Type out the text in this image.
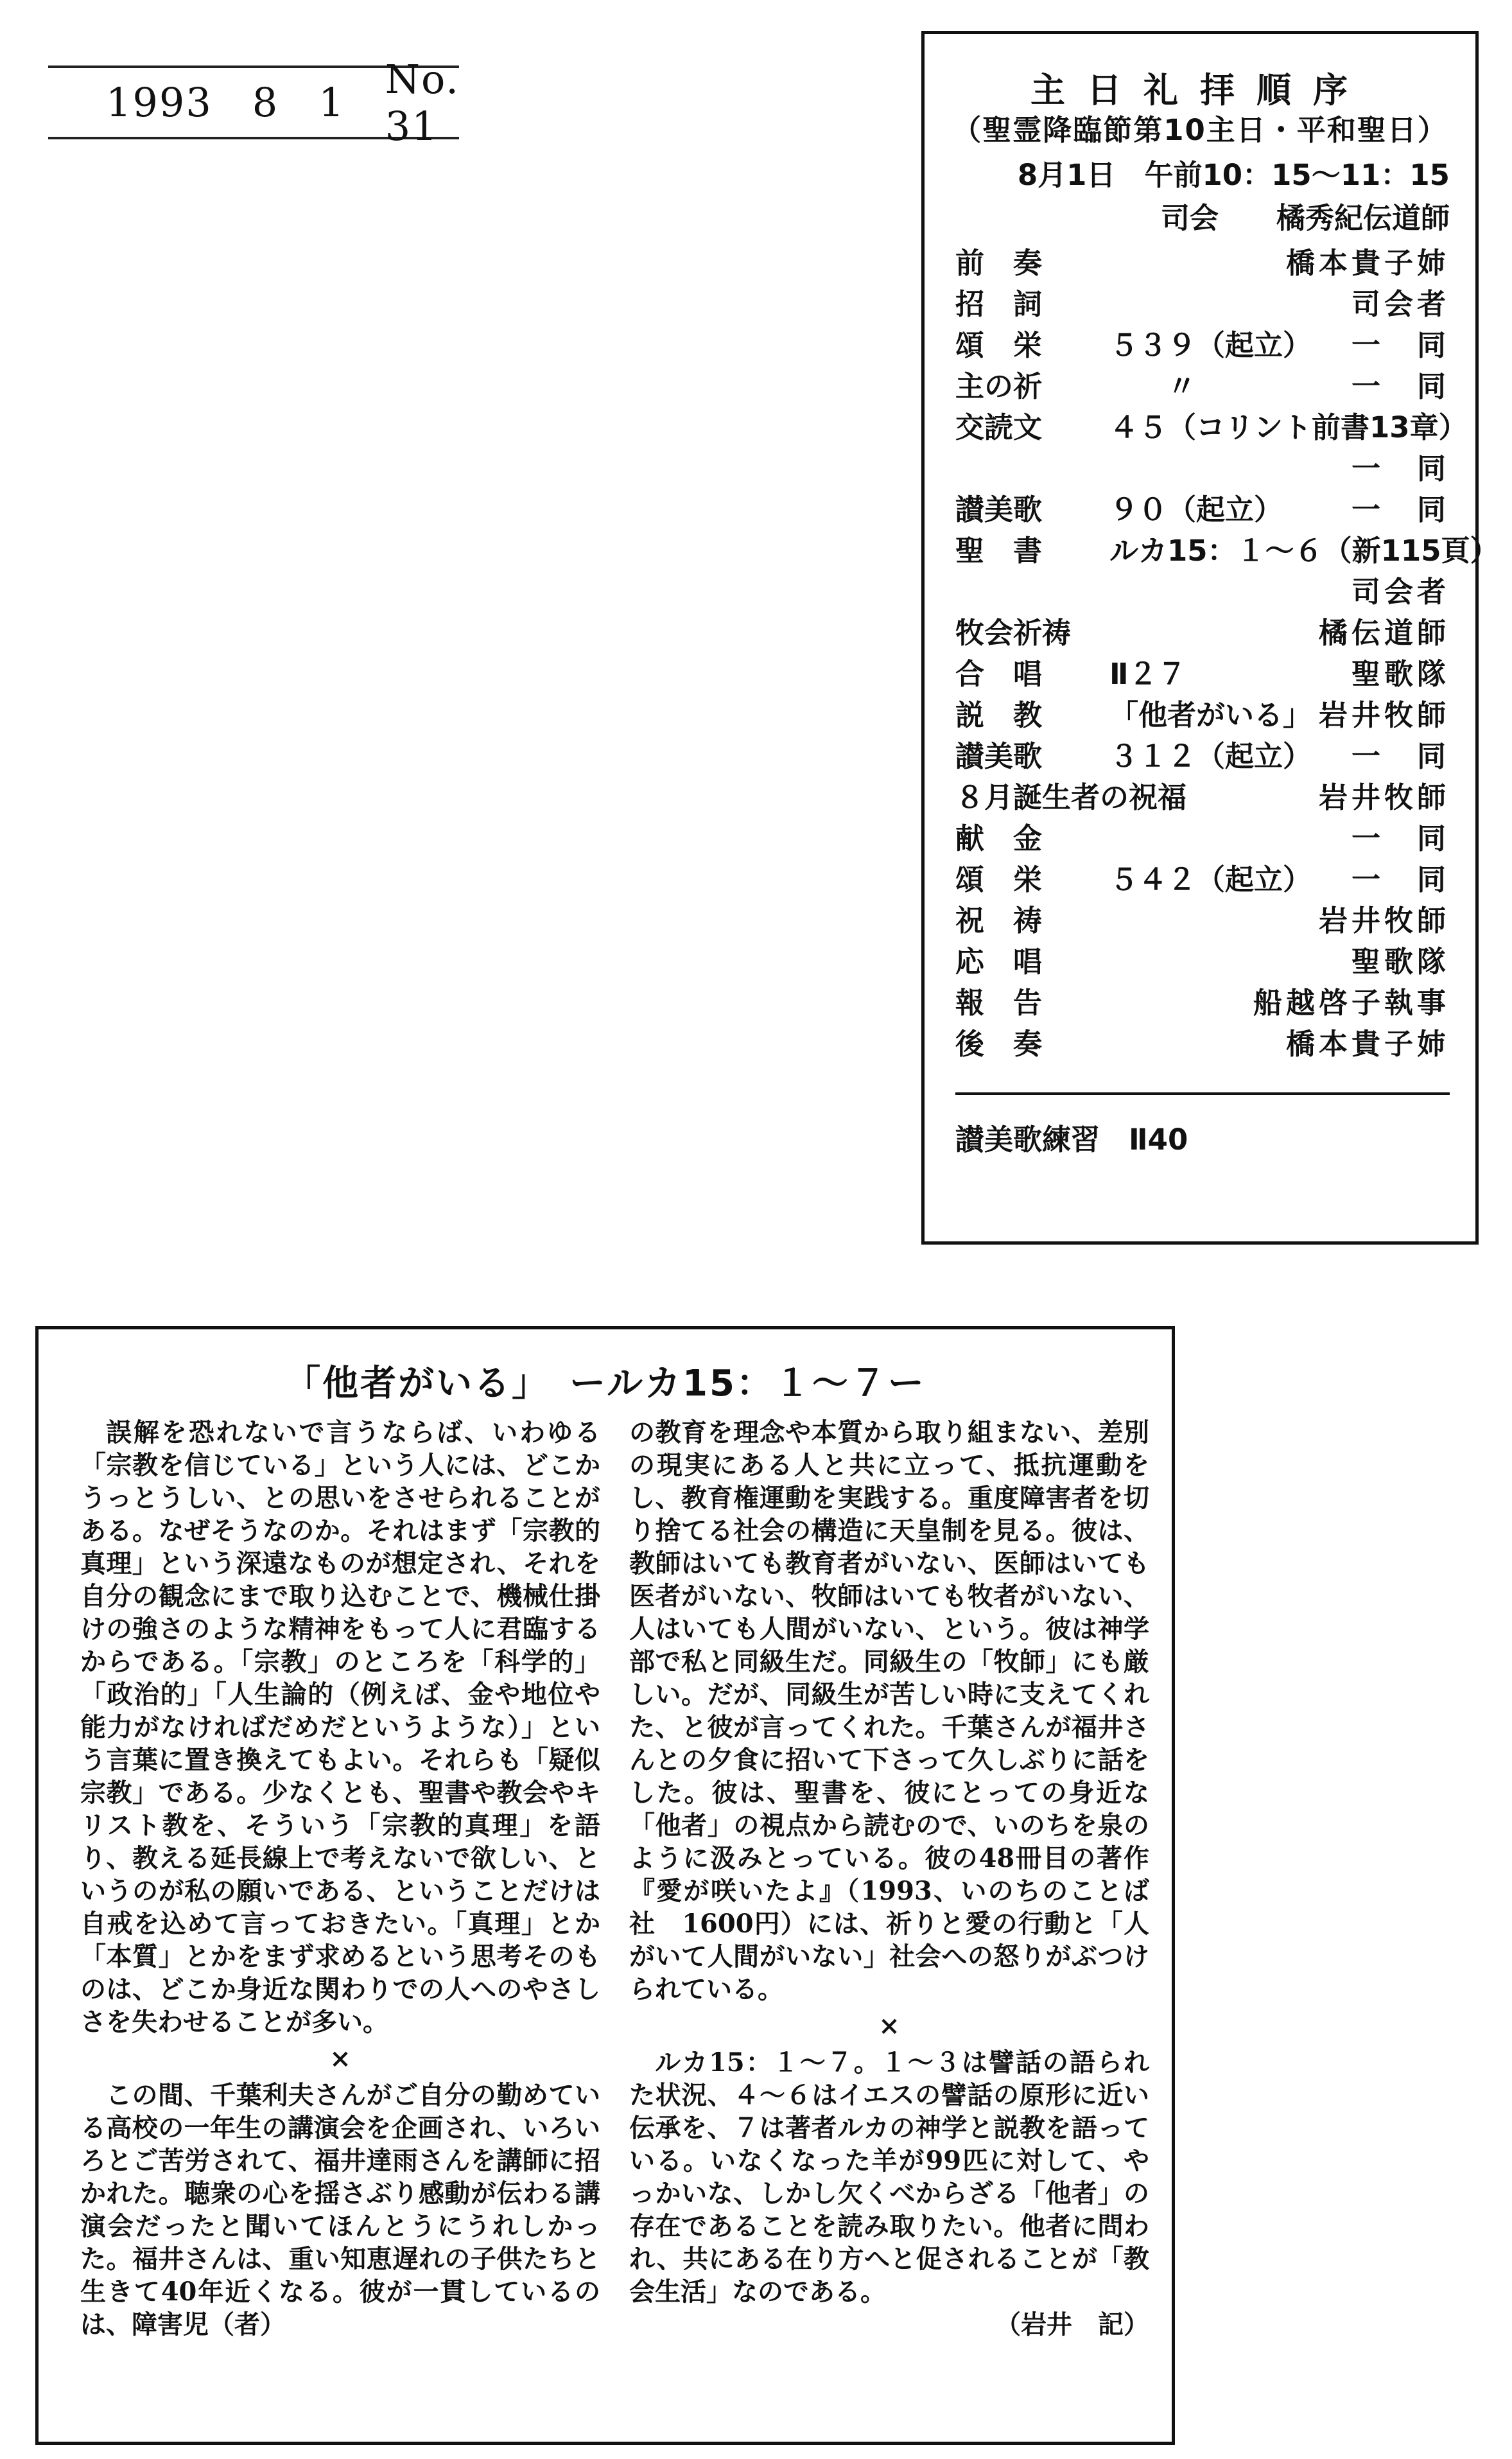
1993 8 1 No. 31
主日礼拝順序
（聖霊降臨節第10主日・平和聖日）
8月1日　午前10：15〜11：15
司会 橘秀紀伝道師
前　奏	橋本貴子姉
招　詞	司会者
頌　栄 ５３９（起立） 一　同
主の祈 　　〃	一　同
交読文 ４５（コリント前書13章）
一　同
讃美歌 ９０（起立） 一　同
聖　書 ルカ15：１〜６（新115頁）
司会者
牧会祈祷	橘伝道師
合　唱 Ⅱ２７	聖歌隊
説　教 「他者がいる」 岩井牧師
讃美歌 ３１２（起立） 一　同
８月誕生者の祝福	岩井牧師
献　金	一　同
頌　栄 ５４２（起立） 一　同
祝　祷	岩井牧師
応　唱	聖歌隊
報　告	船越啓子執事
後　奏	橋本貴子姉
讃美歌練習　Ⅱ40
「他者がいる」　ールカ15：１〜７ー

誤解を恐れないで言うならば、いわゆる「宗教を信じている」という人には、どこかうっとうしい、との思いをさせられることがある。なぜそうなのか。それはまず「宗教的真理」という深遠なものが想定され、それを自分の観念にまで取り込むことで、機械仕掛けの強さのような精神をもって人に君臨するからである。「宗教」のところを「科学的」「政治的」「人生論的（例えば、金や地位や能力がなければだめだというような）」という言葉に置き換えてもよい。それらも「疑似宗教」である。少なくとも、聖書や教会やキリスト教を、そういう「宗教的真理」を語り、教える延長線上で考えないで欲しい、というのが私の願いである、ということだけは自戒を込めて言っておきたい。「真理」とか「本質」とかをまず求めるという思考そのものは、どこか身近な関わりでの人へのやさしさを失わせることが多い。

×

この間、千葉利夫さんがご自分の勤めている高校の一年生の講演会を企画され、いろいろとご苦労されて、福井達雨さんを講師に招かれた。聴衆の心を揺さぶり感動が伝わる講演会だったと聞いてほんとうにうれしかった。福井さんは、重い知恵遅れの子供たちと生きて40年近くなる。彼が一貫しているのは、障害児（者）

の教育を理念や本質から取り組まない、差別の現実にある人と共に立って、抵抗運動をし、教育権運動を実践する。重度障害者を切り捨てる社会の構造に天皇制を見る。彼は、教師はいても教育者がいない、医師はいても医者がいない、牧師はいても牧者がいない、人はいても人間がいない、という。彼は神学部で私と同級生だ。同級生の「牧師」にも厳しい。だが、同級生が苦しい時に支えてくれた、と彼が言ってくれた。千葉さんが福井さんとの夕食に招いて下さって久しぶりに話をした。彼は、聖書を、彼にとっての身近な「他者」の視点から読むので、いのちを泉のように汲みとっている。彼の48冊目の著作『愛が咲いたよ』（1993、いのちのことば社　1600円）には、祈りと愛の行動と「人がいて人間がいない」社会への怒りがぶつけられている。

×

ルカ15：１〜７。１〜３は譬話の語られた状況、４〜６はイエスの譬話の原形に近い伝承を、７は著者ルカの神学と説教を語っている。いなくなった羊が99匹に対して、やっかいな、しかし欠くべからざる「他者」の存在であることを読み取りたい。他者に問われ、共にある在り方へと促されることが「教会生活」なのである。

（岩井　記）
